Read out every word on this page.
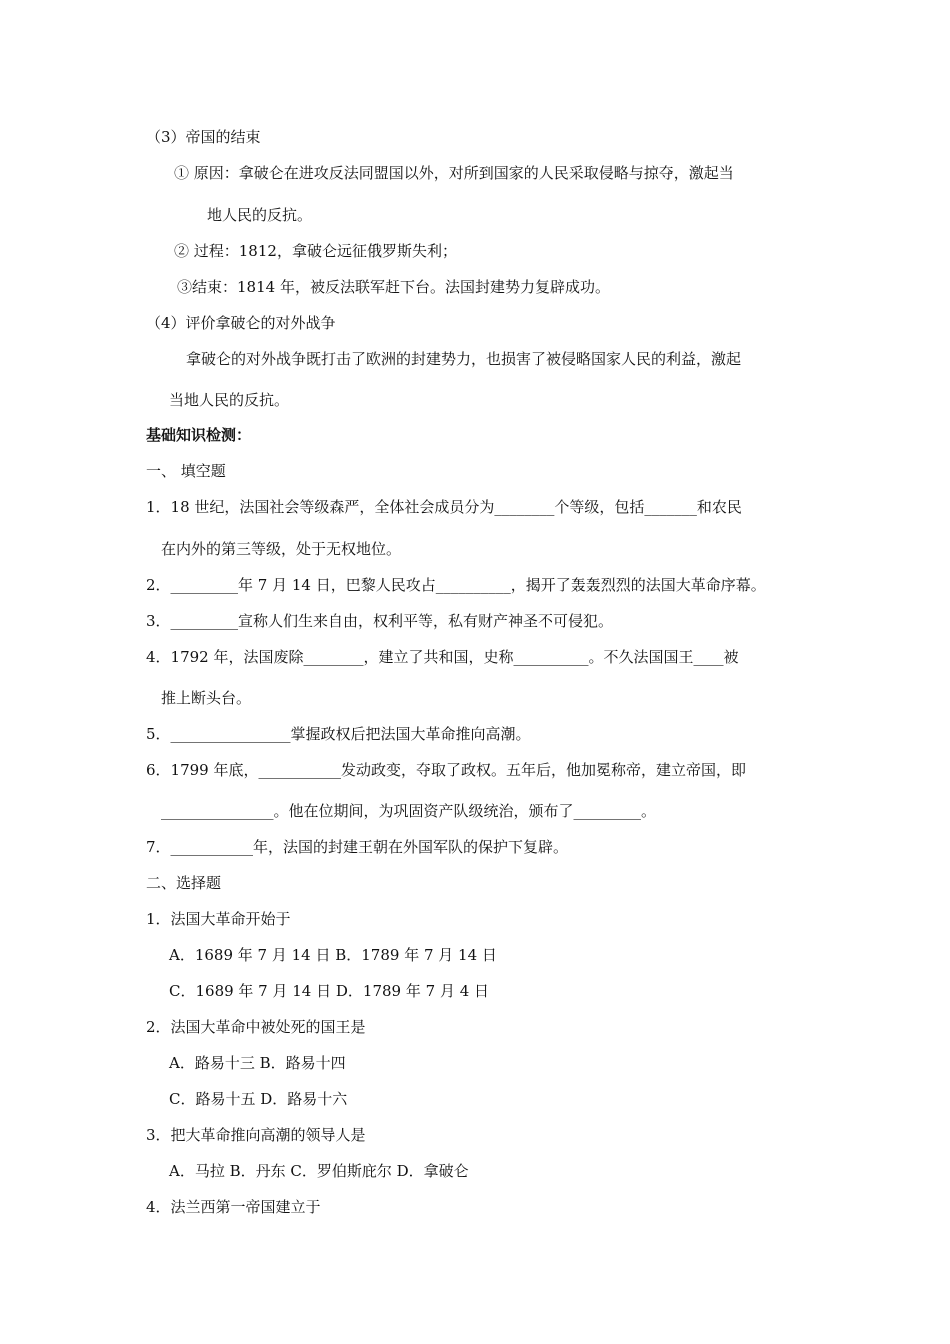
（3）帝国的结束
① 原因：拿破仑在进攻反法同盟国以外，对所到国家的人民采取侵略与掠夺，激起当
地人民的反抗。
② 过程：1812，拿破仑远征俄罗斯失利；
③结束：1814 年，被反法联军赶下台。法国封建势力复辟成功。
（4）评价拿破仑的对外战争
拿破仑的对外战争既打击了欧洲的封建势力，也损害了被侵略国家人民的利益，激起
当地人民的反抗。
基础知识检测：
一、 填空题
1．18 世纪，法国社会等级森严，全体社会成员分为________个等级，包括_______和农民
在内外的第三等级，处于无权地位。
2．_________年 7 月 14 日，巴黎人民攻占__________，揭开了轰轰烈烈的法国大革命序幕。
3．_________宣称人们生来自由，权利平等，私有财产神圣不可侵犯。
4．1792 年，法国废除________，建立了共和国，史称__________。不久法国国王____被
推上断头台。
5．________________掌握政权后把法国大革命推向高潮。
6．1799 年底，___________发动政变，夺取了政权。五年后，他加冕称帝，建立帝国，即
_______________。他在位期间，为巩固资产队级统治，颁布了_________。
7．___________年，法国的封建王朝在外国军队的保护下复辟。
二、选择题
1．法国大革命开始于
A．1689 年 7 月 14 日 B．1789 年 7 月 14 日
C．1689 年 7 月 14 日 D．1789 年 7 月 4 日
2．法国大革命中被处死的国王是
A．路易十三 B．路易十四
C．路易十五 D．路易十六
3．把大革命推向高潮的领导人是
A．马拉 B．丹东 C．罗伯斯庇尔 D．拿破仑
4．法兰西第一帝国建立于
